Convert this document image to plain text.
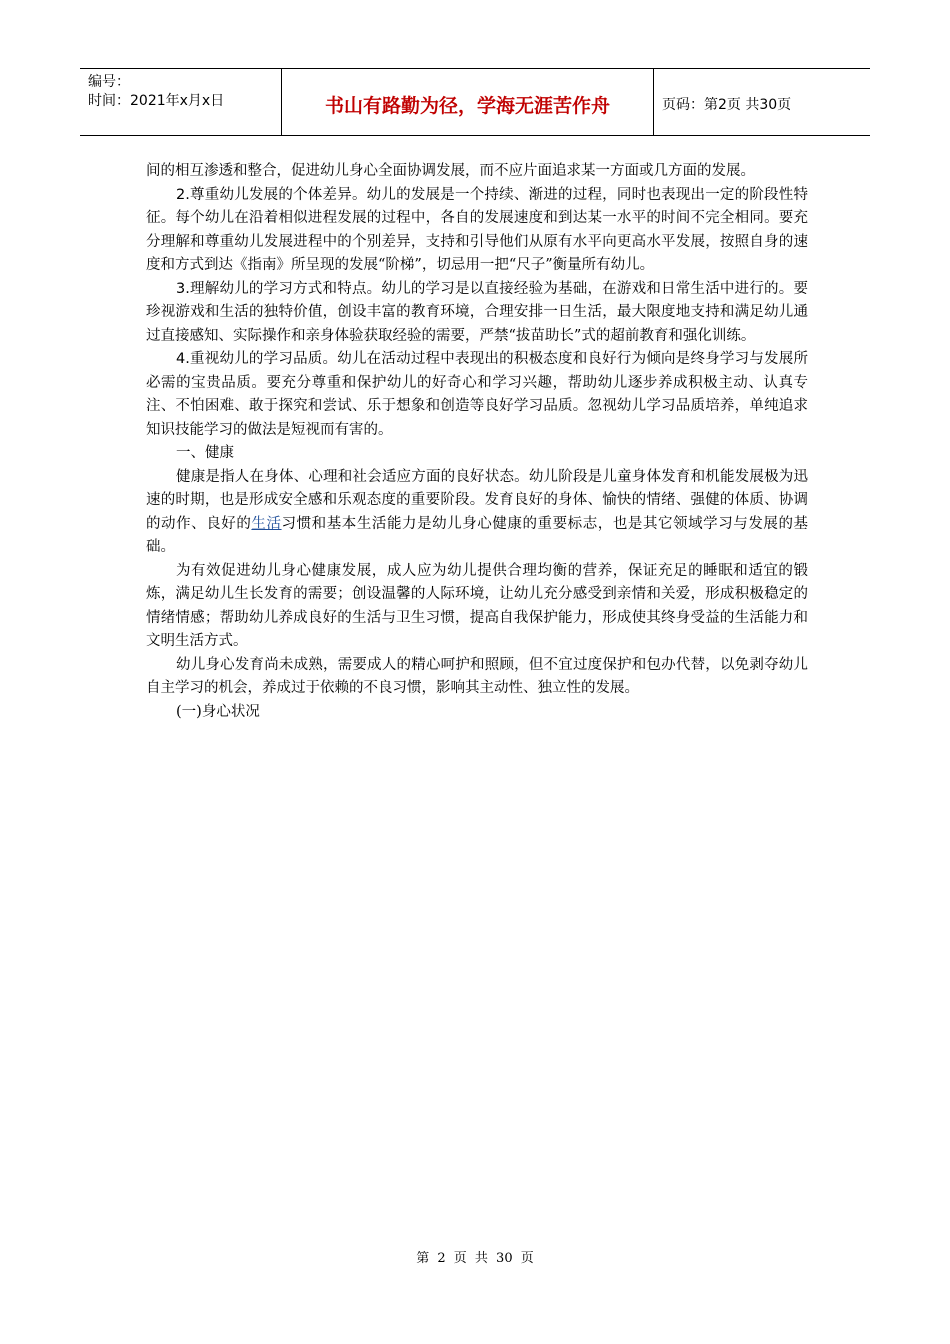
编号：
时间：2021年x月x日	书山有路勤为径，学海无涯苦作舟	页码：第2页 共30页

间的相互渗透和整合，促进幼儿身心全面协调发展，而不应片面追求某一方面或几方面的发展。

2.尊重幼儿发展的个体差异。幼儿的发展是一个持续、渐进的过程，同时也表现出一定的阶段性特征。每个幼儿在沿着相似进程发展的过程中，各自的发展速度和到达某一水平的时间不完全相同。要充分理解和尊重幼儿发展进程中的个别差异，支持和引导他们从原有水平向更高水平发展，按照自身的速度和方式到达《指南》所呈现的发展“阶梯”，切忌用一把“尺子”衡量所有幼儿。

3.理解幼儿的学习方式和特点。幼儿的学习是以直接经验为基础，在游戏和日常生活中进行的。要珍视游戏和生活的独特价值，创设丰富的教育环境，合理安排一日生活，最大限度地支持和满足幼儿通过直接感知、实际操作和亲身体验获取经验的需要，严禁“拔苗助长”式的超前教育和强化训练。

4.重视幼儿的学习品质。幼儿在活动过程中表现出的积极态度和良好行为倾向是终身学习与发展所必需的宝贵品质。要充分尊重和保护幼儿的好奇心和学习兴趣，帮助幼儿逐步养成积极主动、认真专注、不怕困难、敢于探究和尝试、乐于想象和创造等良好学习品质。忽视幼儿学习品质培养，单纯追求知识技能学习的做法是短视而有害的。

一、健康

健康是指人在身体、心理和社会适应方面的良好状态。幼儿阶段是儿童身体发育和机能发展极为迅速的时期，也是形成安全感和乐观态度的重要阶段。发育良好的身体、愉快的情绪、强健的体质、协调的动作、良好的生活习惯和基本生活能力是幼儿身心健康的重要标志，也是其它领域学习与发展的基础。

为有效促进幼儿身心健康发展，成人应为幼儿提供合理均衡的营养，保证充足的睡眠和适宜的锻炼，满足幼儿生长发育的需要；创设温馨的人际环境，让幼儿充分感受到亲情和关爱，形成积极稳定的情绪情感；帮助幼儿养成良好的生活与卫生习惯，提高自我保护能力，形成使其终身受益的生活能力和文明生活方式。

幼儿身心发育尚未成熟，需要成人的精心呵护和照顾，但不宜过度保护和包办代替，以免剥夺幼儿自主学习的机会，养成过于依赖的不良习惯，影响其主动性、独立性的发展。

(一)身心状况

第 2 页 共 30 页
